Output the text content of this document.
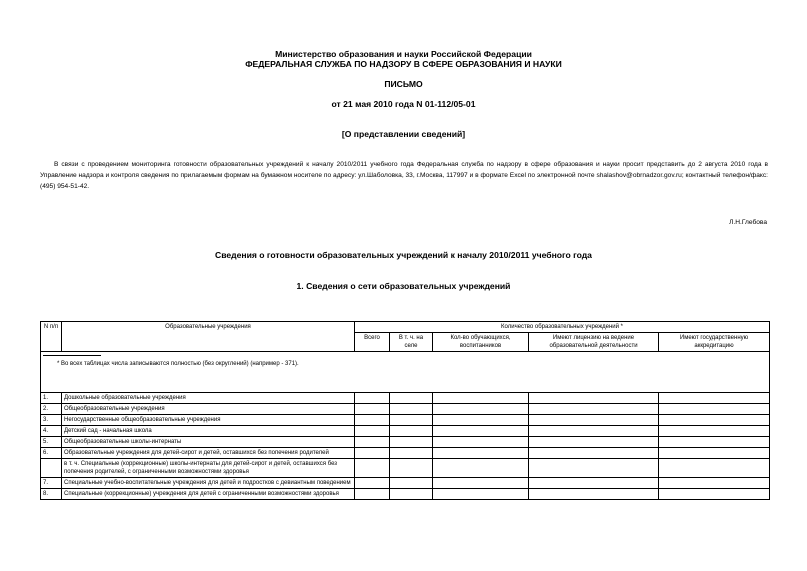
Министерство образования и науки Российской Федерации
ФЕДЕРАЛЬНАЯ СЛУЖБА ПО НАДЗОРУ В СФЕРЕ ОБРАЗОВАНИЯ И НАУКИ
ПИСЬМО
от 21 мая 2010 года N 01-112/05-01
[О представлении сведений]
В связи с проведением мониторинга готовности образовательных учреждений к началу 2010/2011 учебного года Федеральная служба по надзору в сфере образования и науки просит представить до 2 августа 2010 года в Управление надзора и контроля сведения по прилагаемым формам на бумажном носителе по адресу: ул.Шаболовка, 33, г.Москва, 117997 и в формате Excel по электронной почте shalashov@obrnadzor.gov.ru; контактный телефон/факс: (495) 954-51-42.
Л.Н.Глебова
Сведения о готовности образовательных учреждений к началу 2010/2011 учебного года
1. Сведения о сети образовательных учреждений
N п/п	Образовательные учреждения	Количество образовательных учреждений *				
		Всего	В т. ч. на селе	Кол-во обучающихся, воспитанников	Имеют лицензию на ведение образовательной деятельности	Имеют государственную аккредитацию

* Во всех таблицах числа записываются полностью (без округлений) (например - 371).						

1.	Дошкольные образовательные учреждения					
2.	Общеобразовательные учреждения					
3.	Негосударственные общеобразовательные учреждения					
4.	Детский сад - начальная школа					
5.	Общеобразовательные школы-интернаты					
6.	Образовательные учреждения для детей-сирот и детей, оставшихся без попечения родителей					
	в т. ч. Специальные (коррекционные) школы-интернаты для детей-сирот и детей, оставшихся без попечения родителей, с ограниченными возможностями здоровья					
7.	Специальные учебно-воспитательные учреждения для детей и подростков с девиантным поведением					
8.	Специальные (коррекционные) учреждения для детей с ограниченными возможностями здоровья					
